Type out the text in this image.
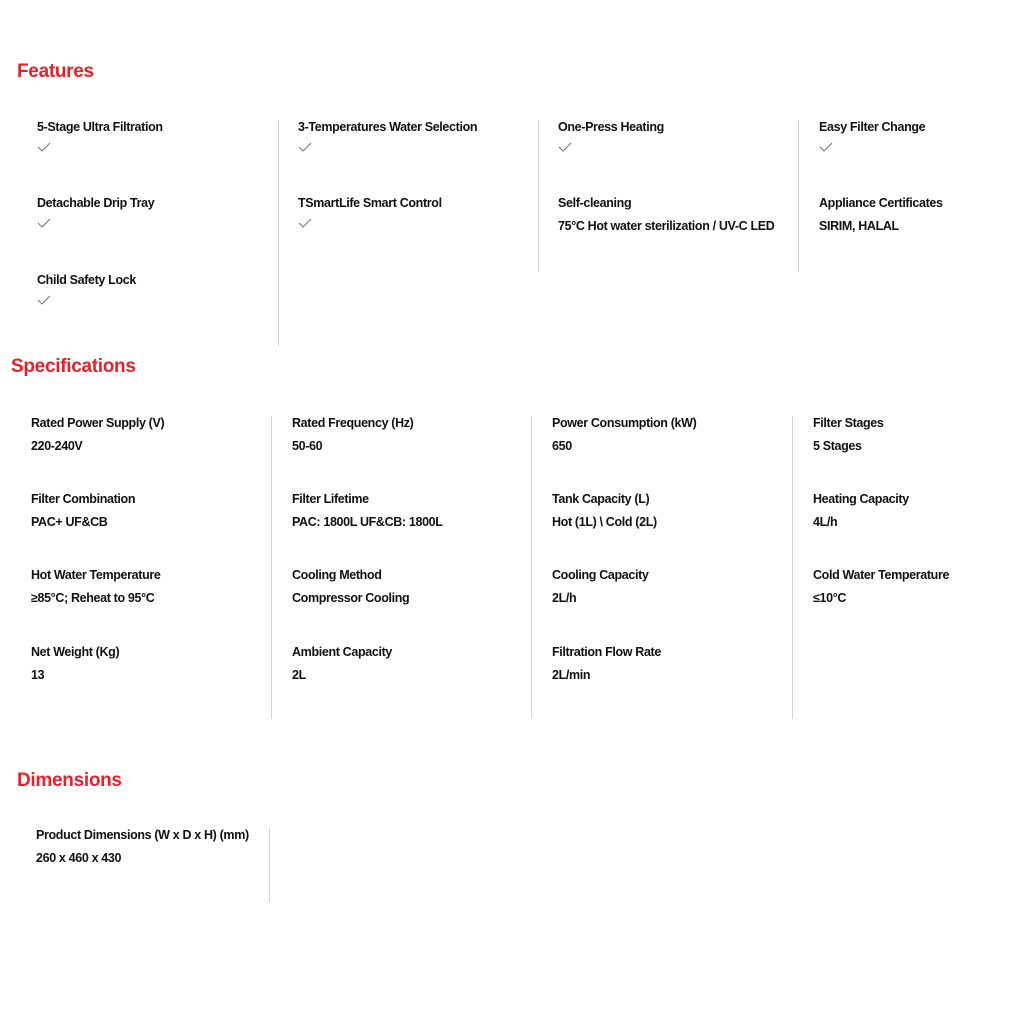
Features
5-Stage Ultra Filtration
Detachable Drip Tray
Child Safety Lock
3-Temperatures Water Selection
TSmartLife Smart Control
One-Press Heating
Self-cleaning
75°C Hot water sterilization / UV-C LED
Easy Filter Change
Appliance Certificates
SIRIM, HALAL
Specifications
Rated Power Supply (V)
220-240V
Filter Combination
PAC+ UF&CB
Hot Water Temperature
≥85°C; Reheat to 95°C
Net Weight (Kg)
13
Rated Frequency (Hz)
50-60
Filter Lifetime
PAC: 1800L UF&CB: 1800L
Cooling Method
Compressor Cooling
Ambient Capacity
2L
Power Consumption (kW)
650
Tank Capacity (L)
Hot (1L) \ Cold (2L)
Cooling Capacity
2L/h
Filtration Flow Rate
2L/min
Filter Stages
5 Stages
Heating Capacity
4L/h
Cold Water Temperature
≤10°C
Dimensions
Product Dimensions (W x D x H) (mm)
260 x 460 x 430
